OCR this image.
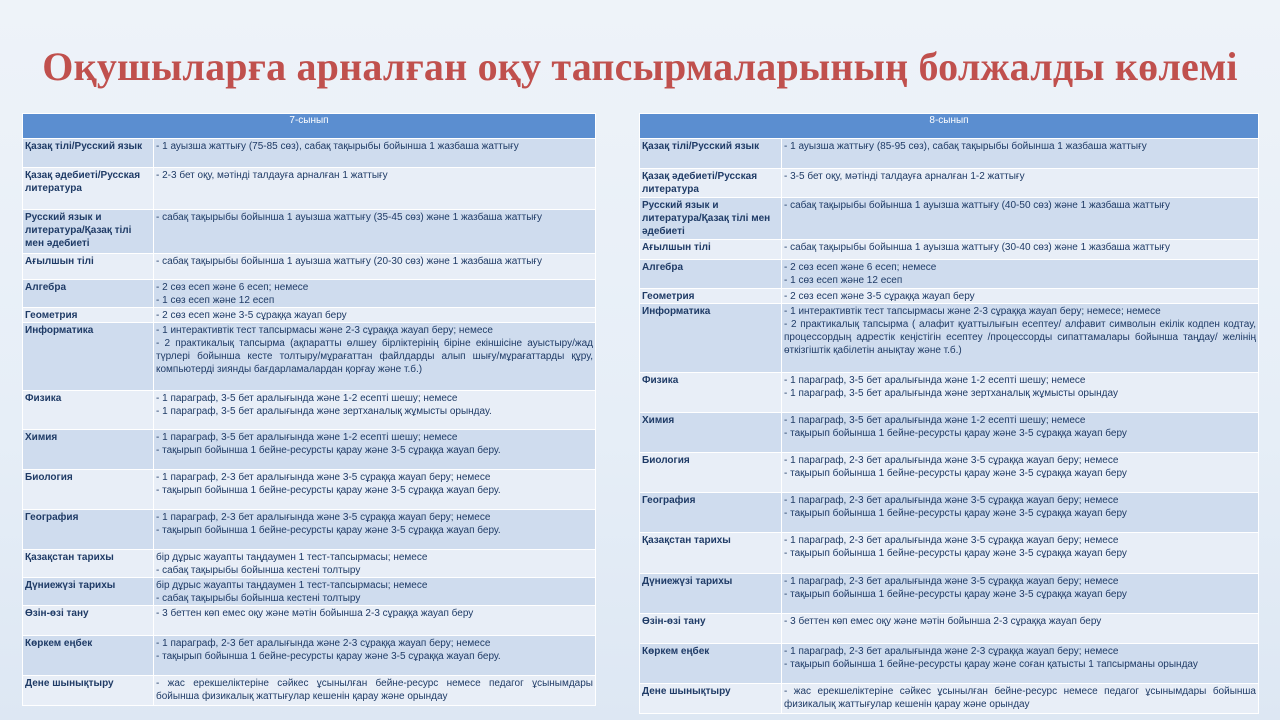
Оқушыларға арналған оқу тапсырмаларының болжалды көлемі
7-сынып	
Қазақ тілі/Русский язык	- 1 ауызша жаттығу (75-85 сөз), сабақ тақырыбы бойынша 1 жазбаша жаттығу

Қазақ әдебиеті/Русская литература	- 2-3 бет оқу, мәтінді талдауға арналған 1 жаттығу

Русский язык и литература/Қазақ тілі мен әдебиеті	- сабақ тақырыбы бойынша 1 ауызша жаттығу (35-45 сөз) және 1 жазбаша жаттығу

Ағылшын тілі	- сабақ тақырыбы бойынша 1 ауызша жаттығу (20-30 сөз) және 1 жазбаша жаттығу

Алгебра	- 2 сөз есеп және 6 есеп; немесе
- 1 сөз есеп және 12 есеп

Геометрия	- 2 сөз есеп және 3-5 сұраққа жауап беру

Информатика	- 1 интерактивтік тест тапсырмасы және 2-3 сұраққа жауап беру; немесе
- 2 практикалық тапсырма (ақпаратты өлшеу бірліктерінің біріне екіншісіне ауыстыру/жад түрлері бойынша кесте толтыру/мұрағаттан файлдарды алып шығу/мұрағаттарды құру, компьютерді зиянды бағдарламалардан қорғау және т.б.)

Физика	- 1 параграф, 3-5 бет аралығында және 1-2 есепті шешу; немесе
- 1 параграф, 3-5 бет аралығында және зертханалық жұмысты орындау.

Химия	- 1 параграф, 3-5 бет аралығында және 1-2 есепті шешу; немесе
- тақырып бойынша 1 бейне-ресурсты қарау және 3-5 сұраққа жауап беру.

Биология	- 1 параграф, 2-3 бет аралығында және 3-5 сұраққа жауап беру; немесе
- тақырып бойынша 1 бейне-ресурсты қарау және 3-5 сұраққа жауап беру.

География	- 1 параграф, 2-3 бет аралығында және 3-5 сұраққа жауап беру; немесе
- тақырып бойынша 1 бейне-ресурсты қарау және 3-5 сұраққа жауап беру.

Қазақстан тарихы	бір дұрыс жауапты таңдаумен 1 тест-тапсырмасы; немесе
- сабақ тақырыбы бойынша кестені толтыру

Дүниежүзі тарихы	бір дұрыс жауапты таңдаумен 1 тест-тапсырмасы; немесе
- сабақ тақырыбы бойынша кестені толтыру

Өзін-өзі тану	- 3 беттен көп емес оқу және мәтін бойынша 2-3 сұраққа жауап беру

Көркем еңбек	- 1 параграф, 2-3 бет аралығында және 2-3 сұраққа жауап беру; немесе
- тақырып бойынша 1 бейне-ресурсты қарау және 3-5 сұраққа жауап беру.

Дене шынықтыру	- жас ерекшеліктеріне сәйкес ұсынылған бейне-ресурс немесе педагог ұсынымдары бойынша физикалық жаттығулар кешенін қарау және орындау
8-сынып	
Қазақ тілі/Русский язык	- 1 ауызша жаттығу (85-95 сөз), сабақ тақырыбы бойынша 1 жазбаша жаттығу

Қазақ әдебиеті/Русская литература	- 3-5 бет оқу, мәтінді талдауға арналған 1-2 жаттығу

Русский язык и литература/Қазақ тілі мен әдебиеті	- сабақ тақырыбы бойынша 1 ауызша жаттығу (40-50 сөз) және 1 жазбаша жаттығу

Ағылшын тілі	- сабақ тақырыбы бойынша 1 ауызша жаттығу (30-40 сөз) және 1 жазбаша жаттығу

Алгебра	- 2 сөз есеп және 6 есеп; немесе
- 1 сөз есеп және 12 есеп

Геометрия	- 2 сөз есеп және 3-5 сұраққа жауап беру

Информатика	- 1 интерактивтік тест тапсырмасы және 2-3 сұраққа жауап беру; немесе; немесе
- 2 практикалық тапсырма ( алафит қуаттылығын есептеу/ алфавит символын екілік кодпен кодтау, процессордың адрестік кеңістігін есептеу /процессорды сипаттамалары бойынша таңдау/ желінің өткізгіштік қабілетін анықтау және т.б.)

Физика	- 1 параграф, 3-5 бет аралығында және 1-2 есепті шешу; немесе
- 1 параграф, 3-5 бет аралығында және зертханалық жұмысты орындау

Химия	- 1 параграф, 3-5 бет аралығында және 1-2 есепті шешу; немесе
- тақырып бойынша 1 бейне-ресурсты қарау және 3-5 сұраққа жауап беру

Биология	- 1 параграф, 2-3 бет аралығында және 3-5 сұраққа жауап беру; немесе
- тақырып бойынша 1 бейне-ресурсты қарау және 3-5 сұраққа жауап беру

География	- 1 параграф, 2-3 бет аралығында және 3-5 сұраққа жауап беру; немесе
- тақырып бойынша 1 бейне-ресурсты қарау және 3-5 сұраққа жауап беру

Қазақстан тарихы	- 1 параграф, 2-3 бет аралығында және 3-5 сұраққа жауап беру; немесе
- тақырып бойынша 1 бейне-ресурсты қарау және 3-5 сұраққа жауап беру

Дүниежүзі тарихы	- 1 параграф, 2-3 бет аралығында және 3-5 сұраққа жауап беру; немесе
- тақырып бойынша 1 бейне-ресурсты қарау және 3-5 сұраққа жауап беру

Өзін-өзі тану	- 3 беттен көп емес оқу және мәтін бойынша 2-3 сұраққа жауап беру

Көркем еңбек	- 1 параграф, 2-3 бет аралығында және 2-3 сұраққа жауап беру; немесе
- тақырып бойынша 1 бейне-ресурсты қарау және соған қатысты 1 тапсырманы орындау

Дене шынықтыру	- жас ерекшеліктеріне сәйкес ұсынылған бейне-ресурс немесе педагог ұсынымдары бойынша физикалық жаттығулар кешенін қарау және орындау
